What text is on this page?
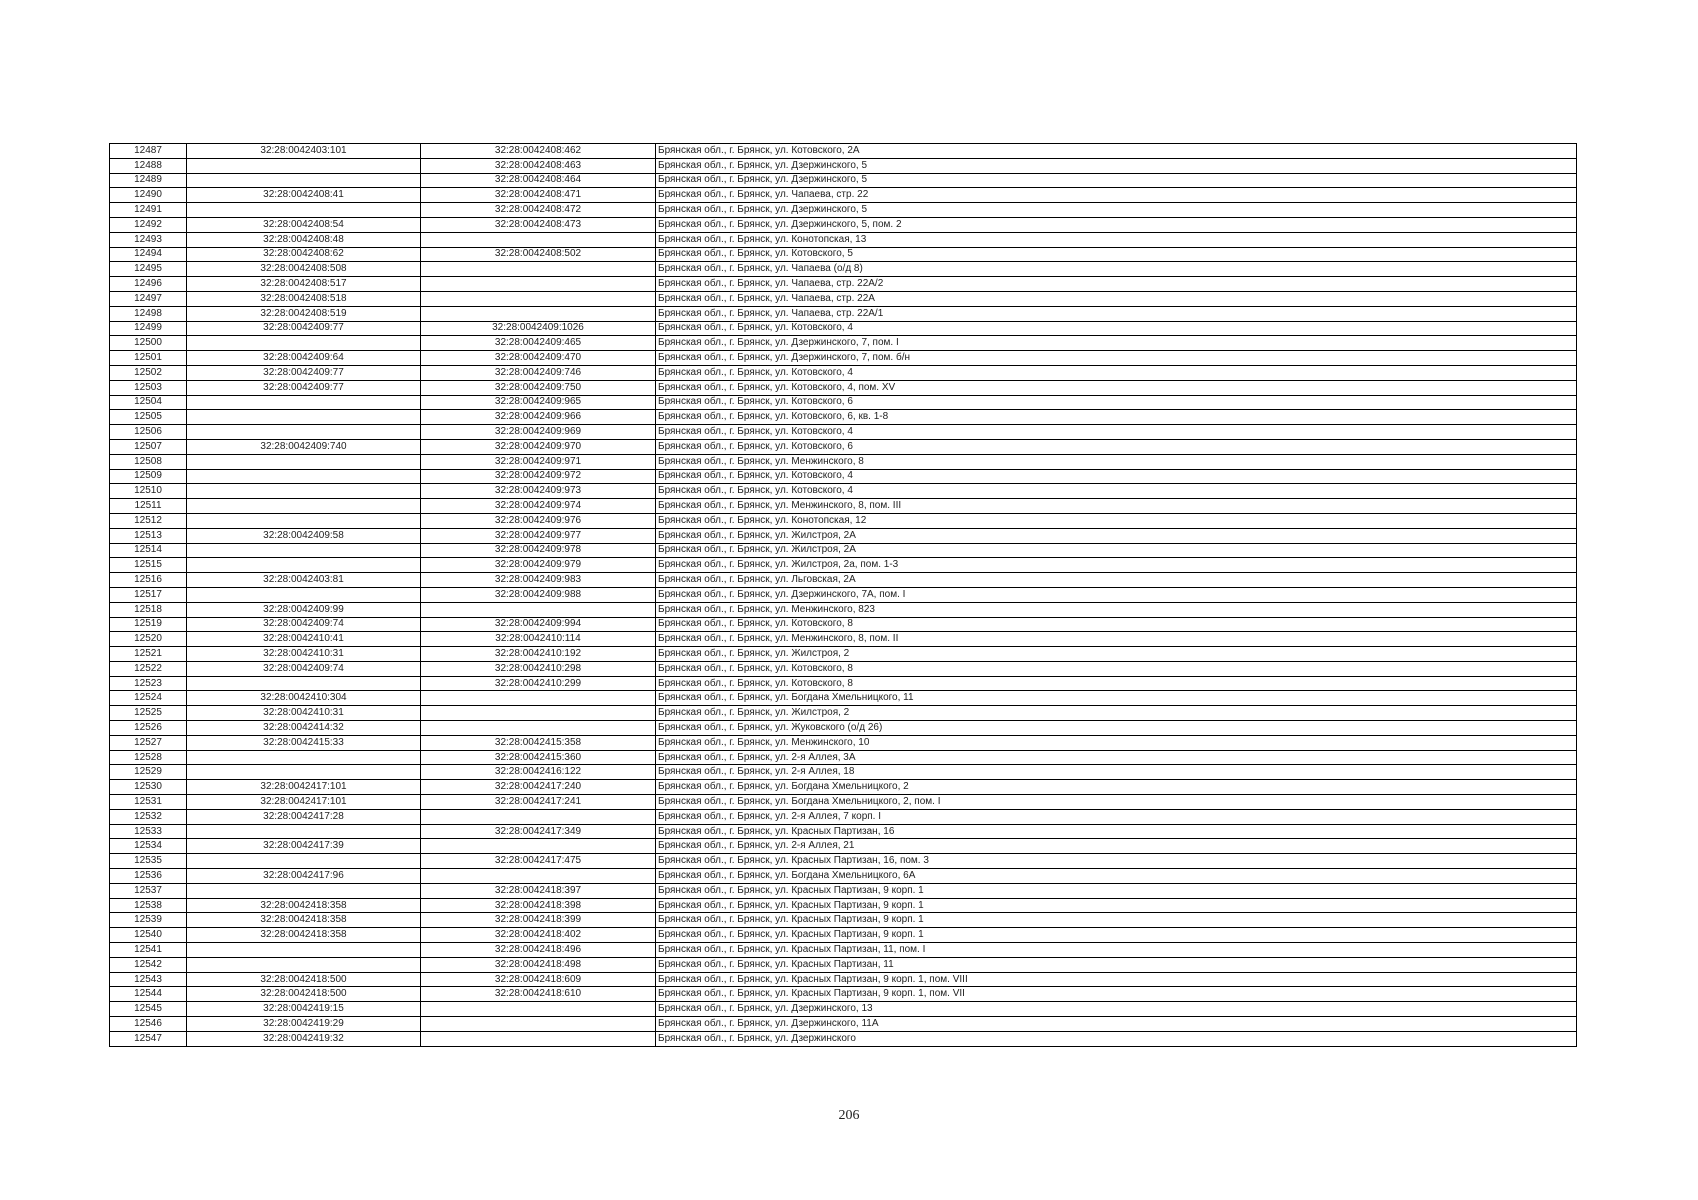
12487	32:28:0042403:101	32:28:0042408:462	Брянская обл., г. Брянск, ул. Котовского, 2А
12488		32:28:0042408:463	Брянская обл., г. Брянск, ул. Дзержинского, 5
12489		32:28:0042408:464	Брянская обл., г. Брянск, ул. Дзержинского, 5
12490	32:28:0042408:41	32:28:0042408:471	Брянская обл., г. Брянск, ул. Чапаева, стр. 22
12491		32:28:0042408:472	Брянская обл., г. Брянск, ул. Дзержинского, 5
12492	32:28:0042408:54	32:28:0042408:473	Брянская обл., г. Брянск, ул. Дзержинского, 5, пом. 2
12493	32:28:0042408:48		Брянская обл., г. Брянск, ул. Конотопская, 13
12494	32:28:0042408:62	32:28:0042408:502	Брянская обл., г. Брянск, ул. Котовского, 5
12495	32:28:0042408:508		Брянская обл., г. Брянск, ул. Чапаева (о/д 8)
12496	32:28:0042408:517		Брянская обл., г. Брянск, ул. Чапаева, стр. 22А/2
12497	32:28:0042408:518		Брянская обл., г. Брянск, ул. Чапаева, стр. 22А
12498	32:28:0042408:519		Брянская обл., г. Брянск, ул. Чапаева, стр. 22А/1
12499	32:28:0042409:77	32:28:0042409:1026	Брянская обл., г. Брянск, ул. Котовского, 4
12500		32:28:0042409:465	Брянская обл., г. Брянск, ул. Дзержинского, 7, пом. I
12501	32:28:0042409:64	32:28:0042409:470	Брянская обл., г. Брянск, ул. Дзержинского, 7, пом. б/н
12502	32:28:0042409:77	32:28:0042409:746	Брянская обл., г. Брянск, ул. Котовского, 4
12503	32:28:0042409:77	32:28:0042409:750	Брянская обл., г. Брянск, ул. Котовского, 4, пом. XV
12504		32:28:0042409:965	Брянская обл., г. Брянск, ул. Котовского, 6
12505		32:28:0042409:966	Брянская обл., г. Брянск, ул. Котовского, 6, кв. 1-8
12506		32:28:0042409:969	Брянская обл., г. Брянск, ул. Котовского, 4
12507	32:28:0042409:740	32:28:0042409:970	Брянская обл., г. Брянск, ул. Котовского, 6
12508		32:28:0042409:971	Брянская обл., г. Брянск, ул. Менжинского, 8
12509		32:28:0042409:972	Брянская обл., г. Брянск, ул. Котовского, 4
12510		32:28:0042409:973	Брянская обл., г. Брянск, ул. Котовского, 4
12511		32:28:0042409:974	Брянская обл., г. Брянск, ул. Менжинского, 8, пом. III
12512		32:28:0042409:976	Брянская обл., г. Брянск, ул. Конотопская, 12
12513	32:28:0042409:58	32:28:0042409:977	Брянская обл., г. Брянск, ул. Жилстроя, 2А
12514		32:28:0042409:978	Брянская обл., г. Брянск, ул. Жилстроя, 2А
12515		32:28:0042409:979	Брянская обл., г. Брянск, ул. Жилстроя, 2а, пом. 1-3
12516	32:28:0042403:81	32:28:0042409:983	Брянская обл., г. Брянск, ул. Льговская, 2А
12517		32:28:0042409:988	Брянская обл., г. Брянск, ул. Дзержинского, 7А, пом. I
12518	32:28:0042409:99		Брянская обл., г. Брянск, ул. Менжинского, 823
12519	32:28:0042409:74	32:28:0042409:994	Брянская обл., г. Брянск, ул. Котовского, 8
12520	32:28:0042410:41	32:28:0042410:114	Брянская обл., г. Брянск, ул. Менжинского, 8, пом. II
12521	32:28:0042410:31	32:28:0042410:192	Брянская обл., г. Брянск, ул. Жилстроя, 2
12522	32:28:0042409:74	32:28:0042410:298	Брянская обл., г. Брянск, ул. Котовского, 8
12523		32:28:0042410:299	Брянская обл., г. Брянск, ул. Котовского, 8
12524	32:28:0042410:304		Брянская обл., г. Брянск, ул. Богдана Хмельницкого, 11
12525	32:28:0042410:31		Брянская обл., г. Брянск, ул. Жилстроя, 2
12526	32:28:0042414:32		Брянская обл., г. Брянск, ул. Жуковского (о/д 26)
12527	32:28:0042415:33	32:28:0042415:358	Брянская обл., г. Брянск, ул. Менжинского, 10
12528		32:28:0042415:360	Брянская обл., г. Брянск, ул. 2-я Аллея, 3А
12529		32:28:0042416:122	Брянская обл., г. Брянск, ул. 2-я Аллея, 18
12530	32:28:0042417:101	32:28:0042417:240	Брянская обл., г. Брянск, ул. Богдана Хмельницкого, 2
12531	32:28:0042417:101	32:28:0042417:241	Брянская обл., г. Брянск, ул. Богдана Хмельницкого, 2, пом. I
12532	32:28:0042417:28		Брянская обл., г. Брянск, ул. 2-я Аллея, 7 корп. I
12533		32:28:0042417:349	Брянская обл., г. Брянск, ул. Красных Партизан, 16
12534	32:28:0042417:39		Брянская обл., г. Брянск, ул. 2-я Аллея, 21
12535		32:28:0042417:475	Брянская обл., г. Брянск, ул. Красных Партизан, 16, пом. 3
12536	32:28:0042417:96		Брянская обл., г. Брянск, ул. Богдана Хмельницкого, 6А
12537		32:28:0042418:397	Брянская обл., г. Брянск, ул. Красных Партизан, 9 корп. 1
12538	32:28:0042418:358	32:28:0042418:398	Брянская обл., г. Брянск, ул. Красных Партизан, 9 корп. 1
12539	32:28:0042418:358	32:28:0042418:399	Брянская обл., г. Брянск, ул. Красных Партизан, 9 корп. 1
12540	32:28:0042418:358	32:28:0042418:402	Брянская обл., г. Брянск, ул. Красных Партизан, 9 корп. 1
12541		32:28:0042418:496	Брянская обл., г. Брянск, ул. Красных Партизан, 11, пом. I
12542		32:28:0042418:498	Брянская обл., г. Брянск, ул. Красных Партизан, 11
12543	32:28:0042418:500	32:28:0042418:609	Брянская обл., г. Брянск, ул. Красных Партизан, 9 корп. 1, пом. VIII
12544	32:28:0042418:500	32:28:0042418:610	Брянская обл., г. Брянск, ул. Красных Партизан, 9 корп. 1, пом. VII
12545	32:28:0042419:15		Брянская обл., г. Брянск, ул. Дзержинского, 13
12546	32:28:0042419:29		Брянская обл., г. Брянск, ул. Дзержинского, 11А
12547	32:28:0042419:32		Брянская обл., г. Брянск, ул. Дзержинского
206
